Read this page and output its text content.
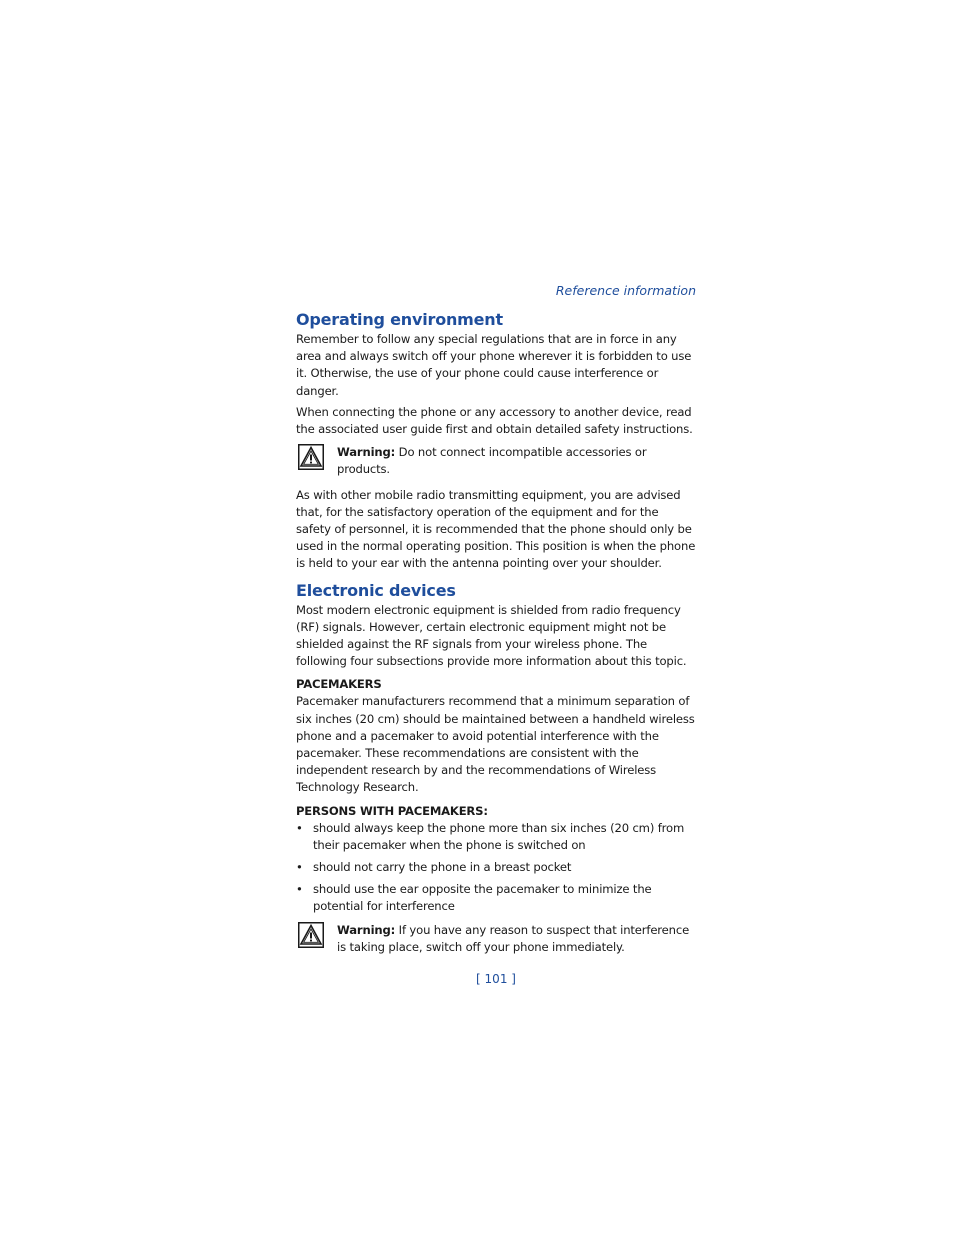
Reference information
Operating environment

Remember to follow any special regulations that are in force in any area and always switch off your phone wherever it is forbidden to use it. Otherwise, the use of your phone could cause interference or danger.

When connecting the phone or any accessory to another device, read the associated user guide first and obtain detailed safety instructions.

Warning: Do not connect incompatible accessories or products.

As with other mobile radio transmitting equipment, you are advised that, for the satisfactory operation of the equipment and for the safety of personnel, it is recommended that the phone should only be used in the normal operating position. This position is when the phone is held to your ear with the antenna pointing over your shoulder.

Electronic devices

Most modern electronic equipment is shielded from radio frequency (RF) signals. However, certain electronic equipment might not be shielded against the RF signals from your wireless phone. The following four subsections provide more information about this topic.

PACEMAKERS

Pacemaker manufacturers recommend that a minimum separation of six inches (20 cm) should be maintained between a handheld wireless phone and a pacemaker to avoid potential interference with the pacemaker. These recommendations are consistent with the independent research by and the recommendations of Wireless Technology Research.

PERSONS WITH PACEMAKERS:
• should always keep the phone more than six inches (20 cm) from their pacemaker when the phone is switched on
• should not carry the phone in a breast pocket
• should use the ear opposite the pacemaker to minimize the potential for interference
Warning: If you have any reason to suspect that interference is taking place, switch off your phone immediately.
[ 101 ]
